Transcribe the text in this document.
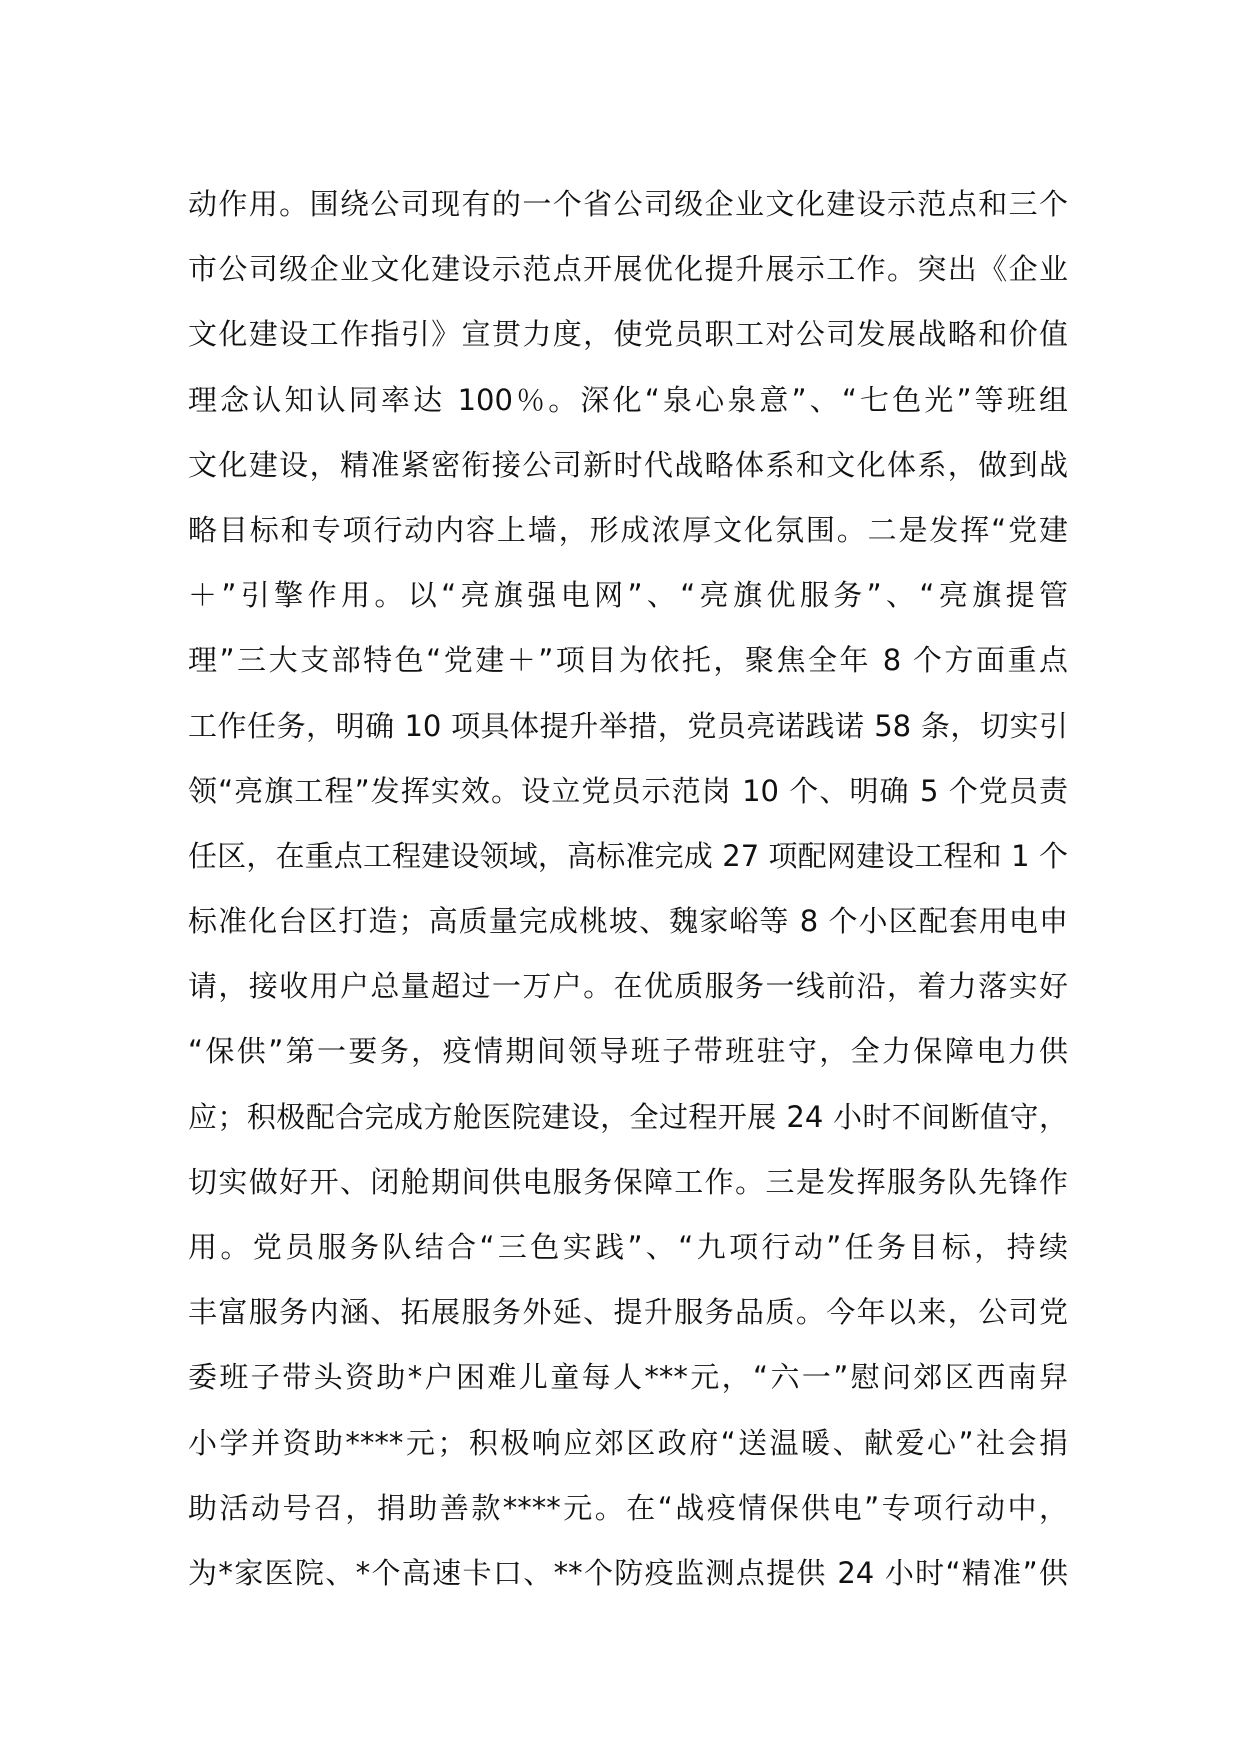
动作用。围绕公司现有的一个省公司级企业文化建设示范点和三个
市公司级企业文化建设示范点开展优化提升展示工作。突出《企业
文化建设工作指引》宣贯力度，使党员职工对公司发展战略和价值
理念认知认同率达 100％。深化“泉心泉意”、“七色光”等班组
文化建设，精准紧密衔接公司新时代战略体系和文化体系，做到战
略目标和专项行动内容上墙，形成浓厚文化氛围。二是发挥“党建
＋”引擎作用。以“亮旗强电网”、“亮旗优服务”、“亮旗提管
理”三大支部特色“党建＋”项目为依托，聚焦全年 8 个方面重点
工作任务，明确 10 项具体提升举措，党员亮诺践诺 58 条，切实引
领“亮旗工程”发挥实效。设立党员示范岗 10 个、明确 5 个党员责
任区，在重点工程建设领域，高标准完成 27 项配网建设工程和 1 个
标准化台区打造；高质量完成桃坡、魏家峪等 8 个小区配套用电申
请，接收用户总量超过一万户。在优质服务一线前沿，着力落实好
“保供”第一要务，疫情期间领导班子带班驻守，全力保障电力供
应；积极配合完成方舱医院建设，全过程开展 24 小时不间断值守，
切实做好开、闭舱期间供电服务保障工作。三是发挥服务队先锋作
用。党员服务队结合“三色实践”、“九项行动”任务目标，持续
丰富服务内涵、拓展服务外延、提升服务品质。今年以来，公司党
委班子带头资助*户困难儿童每人***元，“六一”慰问郊区西南舁
小学并资助****元；积极响应郊区政府“送温暖、献爱心”社会捐
助活动号召，捐助善款****元。在“战疫情保供电”专项行动中，
为*家医院、*个高速卡口、**个防疫监测点提供 24 小时“精准”供
